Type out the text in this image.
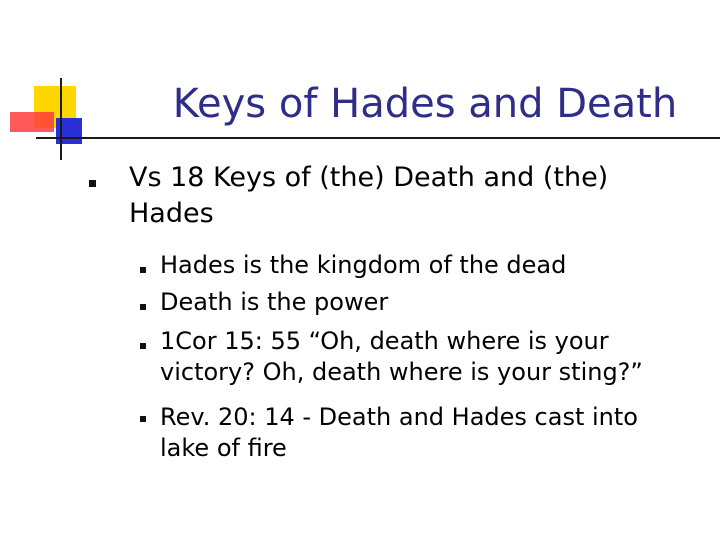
Keys of Hades and Death
Vs 18 Keys of (the) Death and (the) Hades
Hades is the kingdom of the dead
Death is the power
1Cor 15: 55 “Oh, death where is your victory? Oh, death where is your sting?”
Rev. 20: 14 - Death and Hades cast into lake of fire
